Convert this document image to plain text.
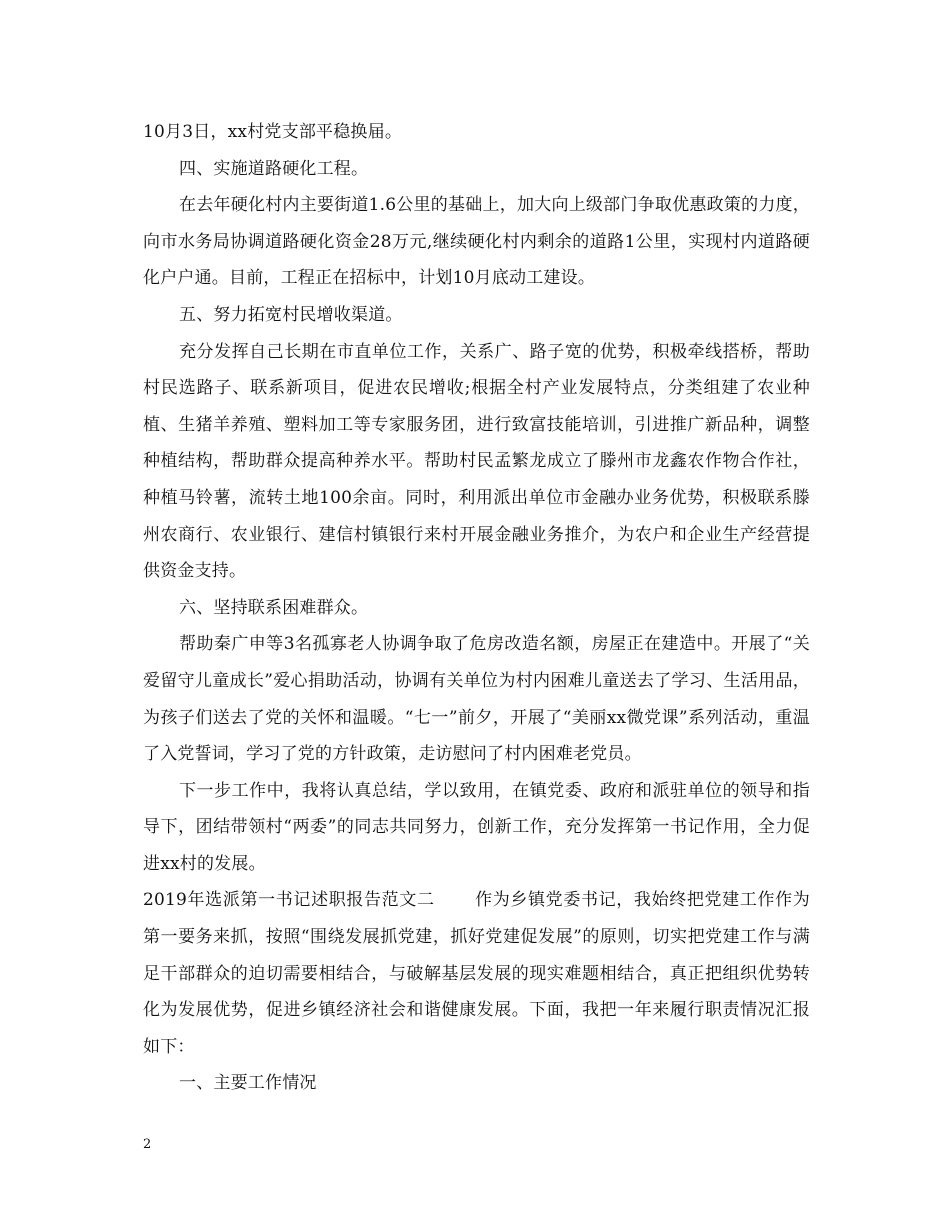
10月3日，xx村党支部平稳换届。

四、实施道路硬化工程。

在去年硬化村内主要街道1.6公里的基础上，加大向上级部门争取优惠政策的力度，向市水务局协调道路硬化资金28万元,继续硬化村内剩余的道路1公里，实现村内道路硬化户户通。目前，工程正在招标中，计划10月底动工建设。

五、努力拓宽村民增收渠道。

充分发挥自己长期在市直单位工作，关系广、路子宽的优势，积极牵线搭桥，帮助村民选路子、联系新项目，促进农民增收;根据全村产业发展特点，分类组建了农业种植、生猪羊养殖、塑料加工等专家服务团，进行致富技能培训，引进推广新品种，调整种植结构，帮助群众提高种养水平。帮助村民孟繁龙成立了滕州市龙鑫农作物合作社，种植马铃薯，流转土地100余亩。同时，利用派出单位市金融办业务优势，积极联系滕州农商行、农业银行、建信村镇银行来村开展金融业务推介，为农户和企业生产经营提供资金支持。

六、坚持联系困难群众。

帮助秦广申等3名孤寡老人协调争取了危房改造名额，房屋正在建造中。开展了“关爱留守儿童成长”爱心捐助活动，协调有关单位为村内困难儿童送去了学习、生活用品，为孩子们送去了党的关怀和温暖。“七一”前夕，开展了“美丽xx微党课”系列活动，重温了入党誓词，学习了党的方针政策，走访慰问了村内困难老党员。

下一步工作中，我将认真总结，学以致用，在镇党委、政府和派驻单位的领导和指导下，团结带领村“两委”的同志共同努力，创新工作，充分发挥第一书记作用，全力促进xx村的发展。

2019年选派第一书记述职报告范文二 作为乡镇党委书记，我始终把党建工作作为第一要务来抓，按照“围绕发展抓党建，抓好党建促发展”的原则，切实把党建工作与满足干部群众的迫切需要相结合，与破解基层发展的现实难题相结合，真正把组织优势转化为发展优势，促进乡镇经济社会和谐健康发展。下面，我把一年来履行职责情况汇报如下：

一、主要工作情况

2
